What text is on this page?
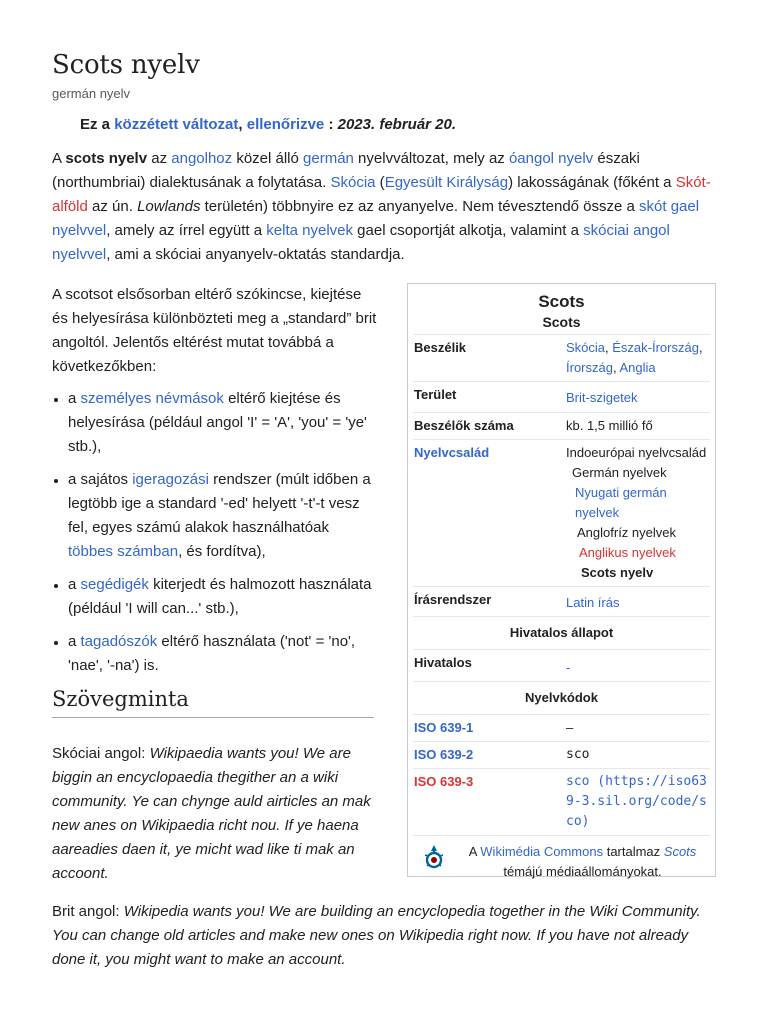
Scots nyelv
germán nyelv
Ez a közzétett változat, ellenőrizve : 2023. február 20.
A scots nyelv az angolhoz közel álló germán nyelvváltozat, mely az óangol nyelv északi (northumbriai) dialektusának a folytatása. Skócia (Egyesült Királyság) lakosságának (főként a Skót-alföld az ún. Lowlands területén) többnyire ez az anyanyelve. Nem tévesztendő össze a skót gael nyelvvel, amely az írrel együtt a kelta nyelvek gael csoportját alkotja, valamint a skóciai angol nyelvvel, ami a skóciai anyanyelv-oktatás standardja.

A scotsot elsősorban eltérő szókincse, kiejtése és helyesírása különbözteti meg a „standard” brit angoltól. Jelentős eltérést mutat továbbá a következőkben:

• a személyes névmások eltérő kiejtése és helyesírása (például angol 'I' = 'A', 'you' = 'ye' stb.),
• a sajátos igeragozási rendszer (múlt időben a legtöbb ige a standard '-ed' helyett '-t'-t vesz fel, egyes számú alakok használhatóak többes számban, és fordítva),
• a segédigék kiterjedt és halmozott használata (például 'I will can...' stb.),
• a tagadószók eltérő használata ('not' = 'no', 'nae', '-na') is.
Szövegminta
Skóciai angol: Wikipaedia wants you! We are biggin an encyclopaedia thegither an a wiki community. Ye can chynge auld airticles an mak new anes on Wikipaedia richt nou. If ye haena aareadies daen it, ye micht wad like ti mak an accoont.
Brit angol: Wikipedia wants you! We are building an encyclopedia together in the Wiki Community. You can change old articles and make new ones on Wikipedia right now. If you have not already done it, you might want to make an account.
Scots
Scots
Beszélik	Skócia, Észak-Írország,
Írország, Anglia
Terület	Brit-szigetek
Beszélők száma	kb. 1,5 millió fő
Nyelvcsalád	Indoeurópai nyelvcsalád
Germán nyelvek
Nyugati germán nyelvek
Anglofríz nyelvek
Anglikus nyelvek
Scots nyelv
Írásrendszer	Latin írás
Hivatalos állapot
Hivatalos	-
Nyelvkódok
ISO 639-1	–
ISO 639-2	sco
ISO 639-3	sco (https://iso639-3.sil.org/code/sco)
A Wikimédia Commons tartalmaz Scots témájú médiaállományokat.
